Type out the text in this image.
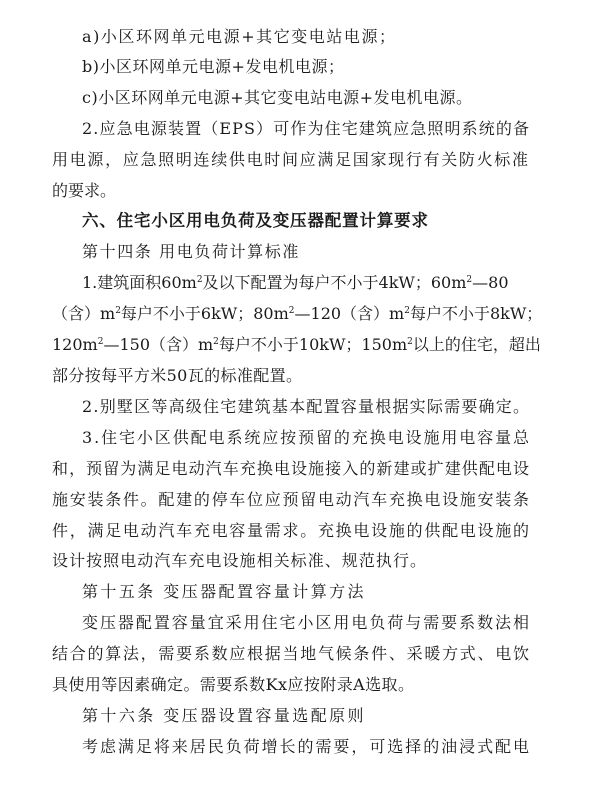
a)小区环网单元电源+其它变电站电源；
b)小区环网单元电源+发电机电源；
c)小区环网单元电源+其它变电站电源+发电机电源。
2.应急电源装置（EPS）可作为住宅建筑应急照明系统的备
用电源，应急照明连续供电时间应满足国家现行有关防火标准
的要求。
六、住宅小区用电负荷及变压器配置计算要求
第十四条 用电负荷计算标准
1.建筑面积$60m^2$及以下配置为每户不小于4kW；$60m^2—80$
（含）$m^2$每户不小于6kW；$80m^2—120$（含）$m^2$每户不小于8kW；
$120m^2—150$（含）$m^2$每户不小于10kW；$150m^2$以上的住宅，超出
部分按每平方米50瓦的标准配置。
2.别墅区等高级住宅建筑基本配置容量根据实际需要确定。
3.住宅小区供配电系统应按预留的充换电设施用电容量总
和，预留为满足电动汽车充换电设施接入的新建或扩建供配电设
施安装条件。配建的停车位应预留电动汽车充换电设施安装条
件，满足电动汽车充电容量需求。充换电设施的供配电设施的
设计按照电动汽车充电设施相关标准、规范执行。
第十五条 变压器配置容量计算方法
变压器配置容量宜采用住宅小区用电负荷与需要系数法相
结合的算法，需要系数应根据当地气候条件、采暖方式、电饮
具使用等因素确定。需要系数Kx应按附录A选取。
第十六条 变压器设置容量选配原则
考虑满足将来居民负荷增长的需要，可选择的油浸式配电
